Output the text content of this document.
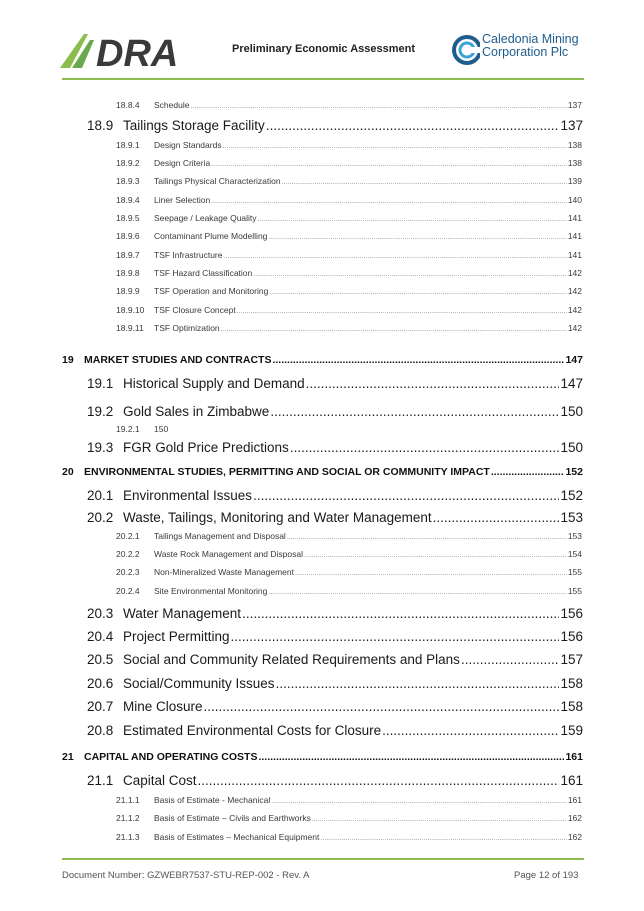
DRA	Preliminary Economic Assessment
Caledonia Mining
Corporation Plc
18.8.4	Schedule .....	137
18.9 Tailings Storage Facility .....	137
18.9.1	Design Standards .....	138
18.9.2	Design Criteria .....	138
18.9.3	Tailings Physical Characterization .....	139
18.9.4	Liner Selection .....	140
18.9.5	Seepage / Leakage Quality .....	141
18.9.6	Contaminant Plume Modelling .....	141
18.9.7	TSF Infrastructure .....	141
18.9.8	TSF Hazard Classification .....	142
18.9.9	TSF Operation and Monitoring .....	142
18.9.10	TSF Closure Concept .....	142
18.9.11	TSF Optimization .....	142
19 MARKET STUDIES AND CONTRACTS .....	147
19.1 Historical Supply and Demand .....	147
19.2 Gold Sales in Zimbabwe .....	150
19.2.1	150
19.3 FGR Gold Price Predictions .....	150
20 ENVIRONMENTAL STUDIES, PERMITTING AND SOCIAL OR COMMUNITY IMPACT .....	152
20.1 Environmental Issues .....	152
20.2 Waste, Tailings, Monitoring and Water Management .....	153
20.2.1	Tailings Management and Disposal .....	153
20.2.2	Waste Rock Management and Disposal .....	154
20.2.3	Non-Mineralized Waste Management .....	155
20.2.4	Site Environmental Monitoring .....	155
20.3 Water Management .....	156
20.4 Project Permitting .....	156
20.5 Social and Community Related Requirements and Plans .....	157
20.6 Social/Community Issues .....	158
20.7 Mine Closure .....	158
20.8 Estimated Environmental Costs for Closure .....	159
21 CAPITAL AND OPERATING COSTS .....	161
21.1 Capital Cost .....	161
21.1.1	Basis of Estimate - Mechanical .....	161
21.1.2	Basis of Estimate – Civils and Earthworks .....	162
21.1.3	Basis of Estimates – Mechanical Equipment .....	162
Document Number: GZWEBR7537-STU-REP-002 - Rev. A	Page 12 of 193
